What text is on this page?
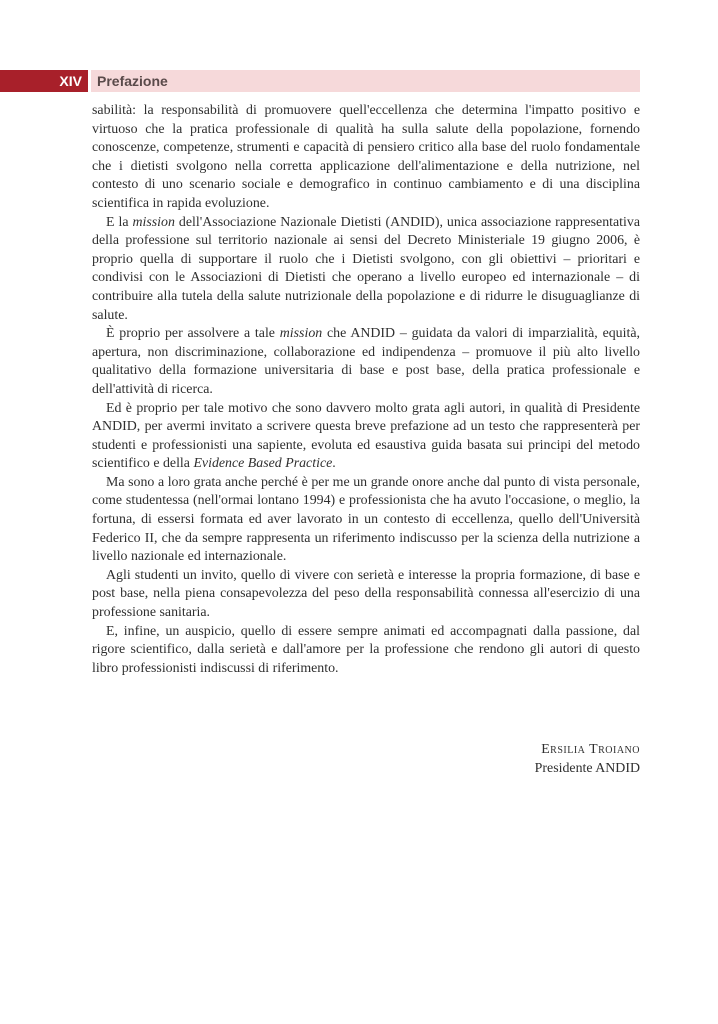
XIV	Prefazione

sabilità: la responsabilità di promuovere quell'eccellenza che determina l'impatto positivo e virtuoso che la pratica professionale di qualità ha sulla salute della popolazione, fornendo conoscenze, competenze, strumenti e capacità di pensiero critico alla base del ruolo fondamentale che i dietisti svolgono nella corretta applicazione dell'alimentazione e della nutrizione, nel contesto di uno scenario sociale e demografico in continuo cambiamento e di una disciplina scientifica in rapida evoluzione.

E la mission dell'Associazione Nazionale Dietisti (ANDID), unica associazione rappresentativa della professione sul territorio nazionale ai sensi del Decreto Ministeriale 19 giugno 2006, è proprio quella di supportare il ruolo che i Dietisti svolgono, con gli obiettivi – prioritari e condivisi con le Associazioni di Dietisti che operano a livello europeo ed internazionale – di contribuire alla tutela della salute nutrizionale della popolazione e di ridurre le disuguaglianze di salute.

È proprio per assolvere a tale mission che ANDID – guidata da valori di imparzialità, equità, apertura, non discriminazione, collaborazione ed indipendenza – promuove il più alto livello qualitativo della formazione universitaria di base e post base, della pratica professionale e dell'attività di ricerca.

Ed è proprio per tale motivo che sono davvero molto grata agli autori, in qualità di Presidente ANDID, per avermi invitato a scrivere questa breve prefazione ad un testo che rappresenterà per studenti e professionisti una sapiente, evoluta ed esaustiva guida basata sui principi del metodo scientifico e della Evidence Based Practice.

Ma sono a loro grata anche perché è per me un grande onore anche dal punto di vista personale, come studentessa (nell'ormai lontano 1994) e professionista che ha avuto l'occasione, o meglio, la fortuna, di essersi formata ed aver lavorato in un contesto di eccellenza, quello dell'Università Federico II, che da sempre rappresenta un riferimento indiscusso per la scienza della nutrizione a livello nazionale ed internazionale.

Agli studenti un invito, quello di vivere con serietà e interesse la propria formazione, di base e post base, nella piena consapevolezza del peso della responsabilità connessa all'esercizio di una professione sanitaria.

E, infine, un auspicio, quello di essere sempre animati ed accompagnati dalla passione, dal rigore scientifico, dalla serietà e dall'amore per la professione che rendono gli autori di questo libro professionisti indiscussi di riferimento.

Ersilia Troiano
Presidente ANDID
